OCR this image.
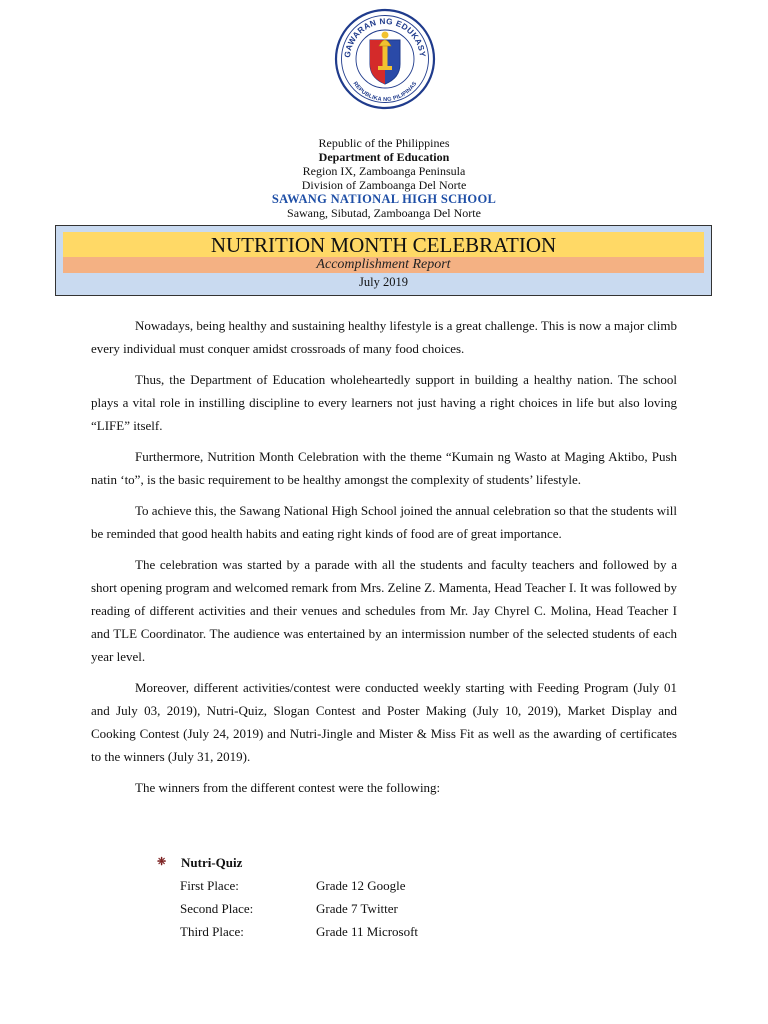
GAWARAN NG EDUKASY
REPUBLIKA NG PILIPINAS
Republic of the Philippines
Department of Education
Region IX, Zamboanga Peninsula
Division of Zamboanga Del Norte
SAWANG NATIONAL HIGH SCHOOL
Sawang, Sibutad, Zamboanga Del Norte
NUTRITION MONTH CELEBRATION
Accomplishment Report
July 2019

Nowadays, being healthy and sustaining healthy lifestyle is a great challenge. This is now a major climb every individual must conquer amidst crossroads of many food choices.

Thus, the Department of Education wholeheartedly support in building a healthy nation. The school plays a vital role in instilling discipline to every learners not just having a right choices in life but also loving “LIFE” itself.

Furthermore, Nutrition Month Celebration with the theme “Kumain ng Wasto at Maging Aktibo, Push natin ‘to”, is the basic requirement to be healthy amongst the complexity of students’ lifestyle.

To achieve this, the Sawang National High School joined the annual celebration so that the students will be reminded that good health habits and eating right kinds of food are of great importance.

The celebration was started by a parade with all the students and faculty teachers and followed by a short opening program and welcomed remark from Mrs. Zeline Z. Mamenta, Head Teacher I. It was followed by reading of different activities and their venues and schedules from Mr. Jay Chyrel C. Molina, Head Teacher I and TLE Coordinator. The audience was entertained by an intermission number of the selected students of each year level.

Moreover, different activities/contest were conducted weekly starting with Feeding Program (July 01 and July 03, 2019), Nutri-Quiz, Slogan Contest and Poster Making (July 10, 2019), Market Display and Cooking Contest (July 24, 2019) and Nutri-Jingle and Mister & Miss Fit as well as the awarding of certificates to the winners (July 31, 2019).

The winners from the different contest were the following:

❈	Nutri-Quiz
First Place:	Grade 12 Google
Second Place:	Grade 7 Twitter
Third Place:	Grade 11 Microsoft
